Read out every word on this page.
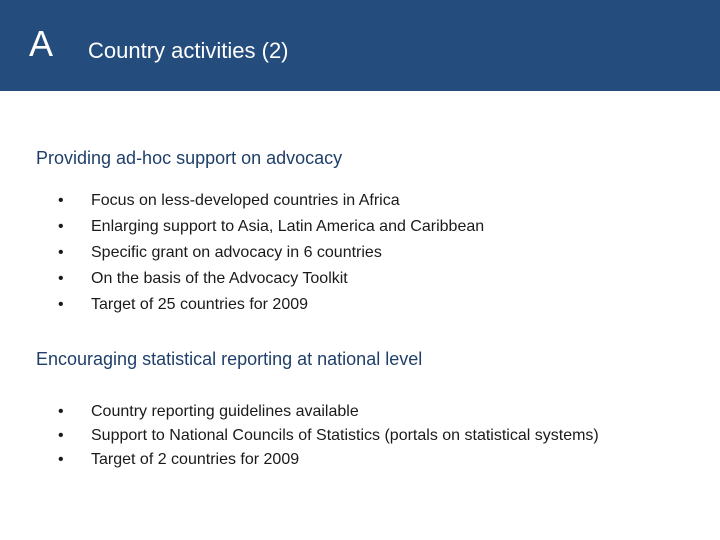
A Country activities (2)
Providing ad-hoc support on advocacy
• Focus on less-developed countries in Africa
• Enlarging support to Asia, Latin America and Caribbean
• Specific grant on advocacy in 6 countries
• On the basis of the Advocacy Toolkit
• Target of 25 countries for 2009
Encouraging statistical reporting at national level
• Country reporting guidelines available
• Support to National Councils of Statistics (portals on statistical systems)
• Target of 2 countries for 2009
